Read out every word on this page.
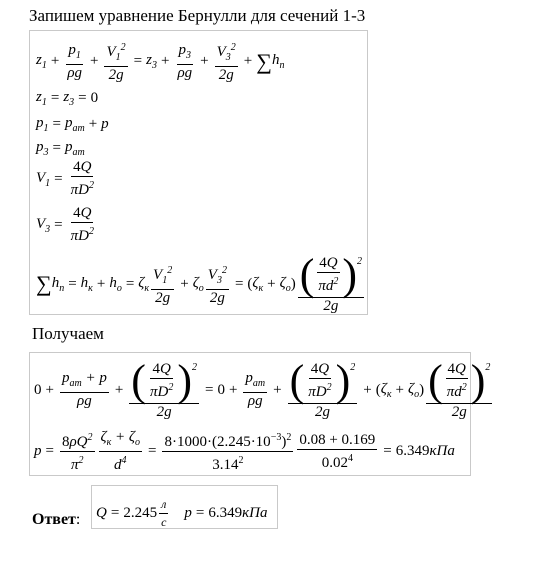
Запишем уравнение Бернулли для сечений 1-3
$z_1 + \frac{p_1}{\rho g} + \frac{V_1^2}{2g} = z_3 + \frac{p_3}{\rho g} + \frac{V_3^2}{2g}$ + ∑ $h_n$
$z_1 = z_3 = 0$
$p_1 = p_{am} + p$
$p_3 = p_{am}$
$V_1 = \frac{4Q}{\pi D^2}$
$V_3 = \frac{4Q}{\pi D^2}$
∑ $h_n = h_к + h_о = \zeta_к \frac{V_1^2}{2g} + \zeta_о \frac{V_3^2}{2g}$ = ( $\zeta_к + \zeta_о$ ) $\frac{( \frac{4Q}{\pi d^2} )^2}{2g}$
Получаем
$0 + \frac{p_{am} + p}{\rho g} + \frac{( \frac{4Q}{\pi D^2} )^2}{2g} = 0 + \frac{p_{am}}{\rho g} + \frac{( \frac{4Q}{\pi D^2} )^2}{2g}$ + ( $\zeta_к + \zeta_о$ ) $\frac{( \frac{4Q}{\pi d^2} )^2}{2g}$
$p = \frac{8\rho Q^2}{\pi^2} \frac{\zeta_к + \zeta_о}{d^4} = \frac{8\cdot 1000\cdot(2.245\cdot 10^{-3})^2}{3.14^2} \frac{0.08 + 0.169}{0.02^4} = 6.349$ кПа
Ответ: $Q = 2.245 \frac{л}{с}$ p = 6.349 кПа
